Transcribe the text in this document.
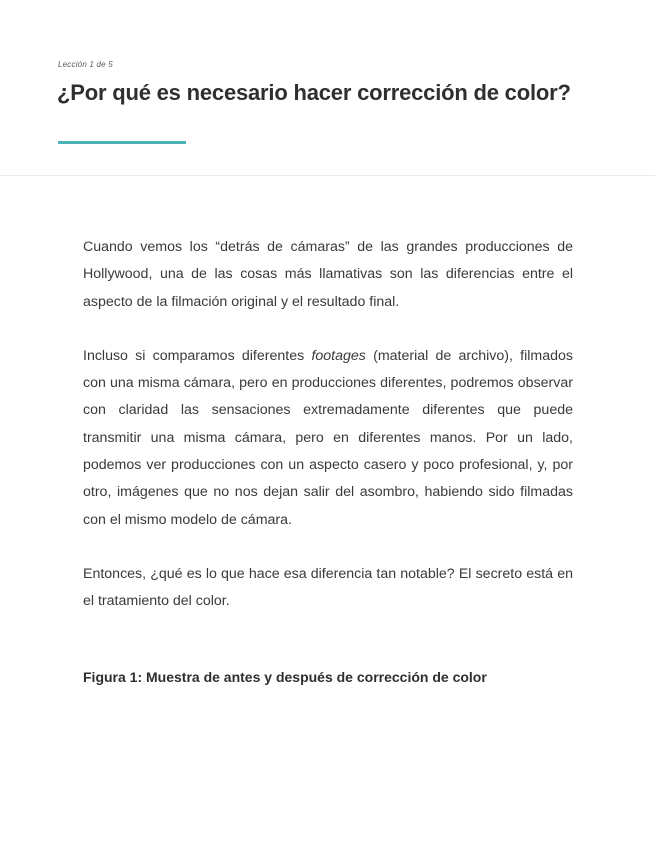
Lección 1 de 5
¿Por qué es necesario hacer corrección de color?

Cuando vemos los “detrás de cámaras” de las grandes producciones de Hollywood, una de las cosas más llamativas son las diferencias entre el aspecto de la filmación original y el resultado final.

Incluso si comparamos diferentes footages (material de archivo), filmados con una misma cámara, pero en producciones diferentes, podremos observar con claridad las sensaciones extremadamente diferentes que puede transmitir una misma cámara, pero en diferentes manos. Por un lado, podemos ver producciones con un aspecto casero y poco profesional, y, por otro, imágenes que no nos dejan salir del asombro, habiendo sido filmadas con el mismo modelo de cámara.

Entonces, ¿qué es lo que hace esa diferencia tan notable? El secreto está en el tratamiento del color.

Figura 1: Muestra de antes y después de corrección de color
